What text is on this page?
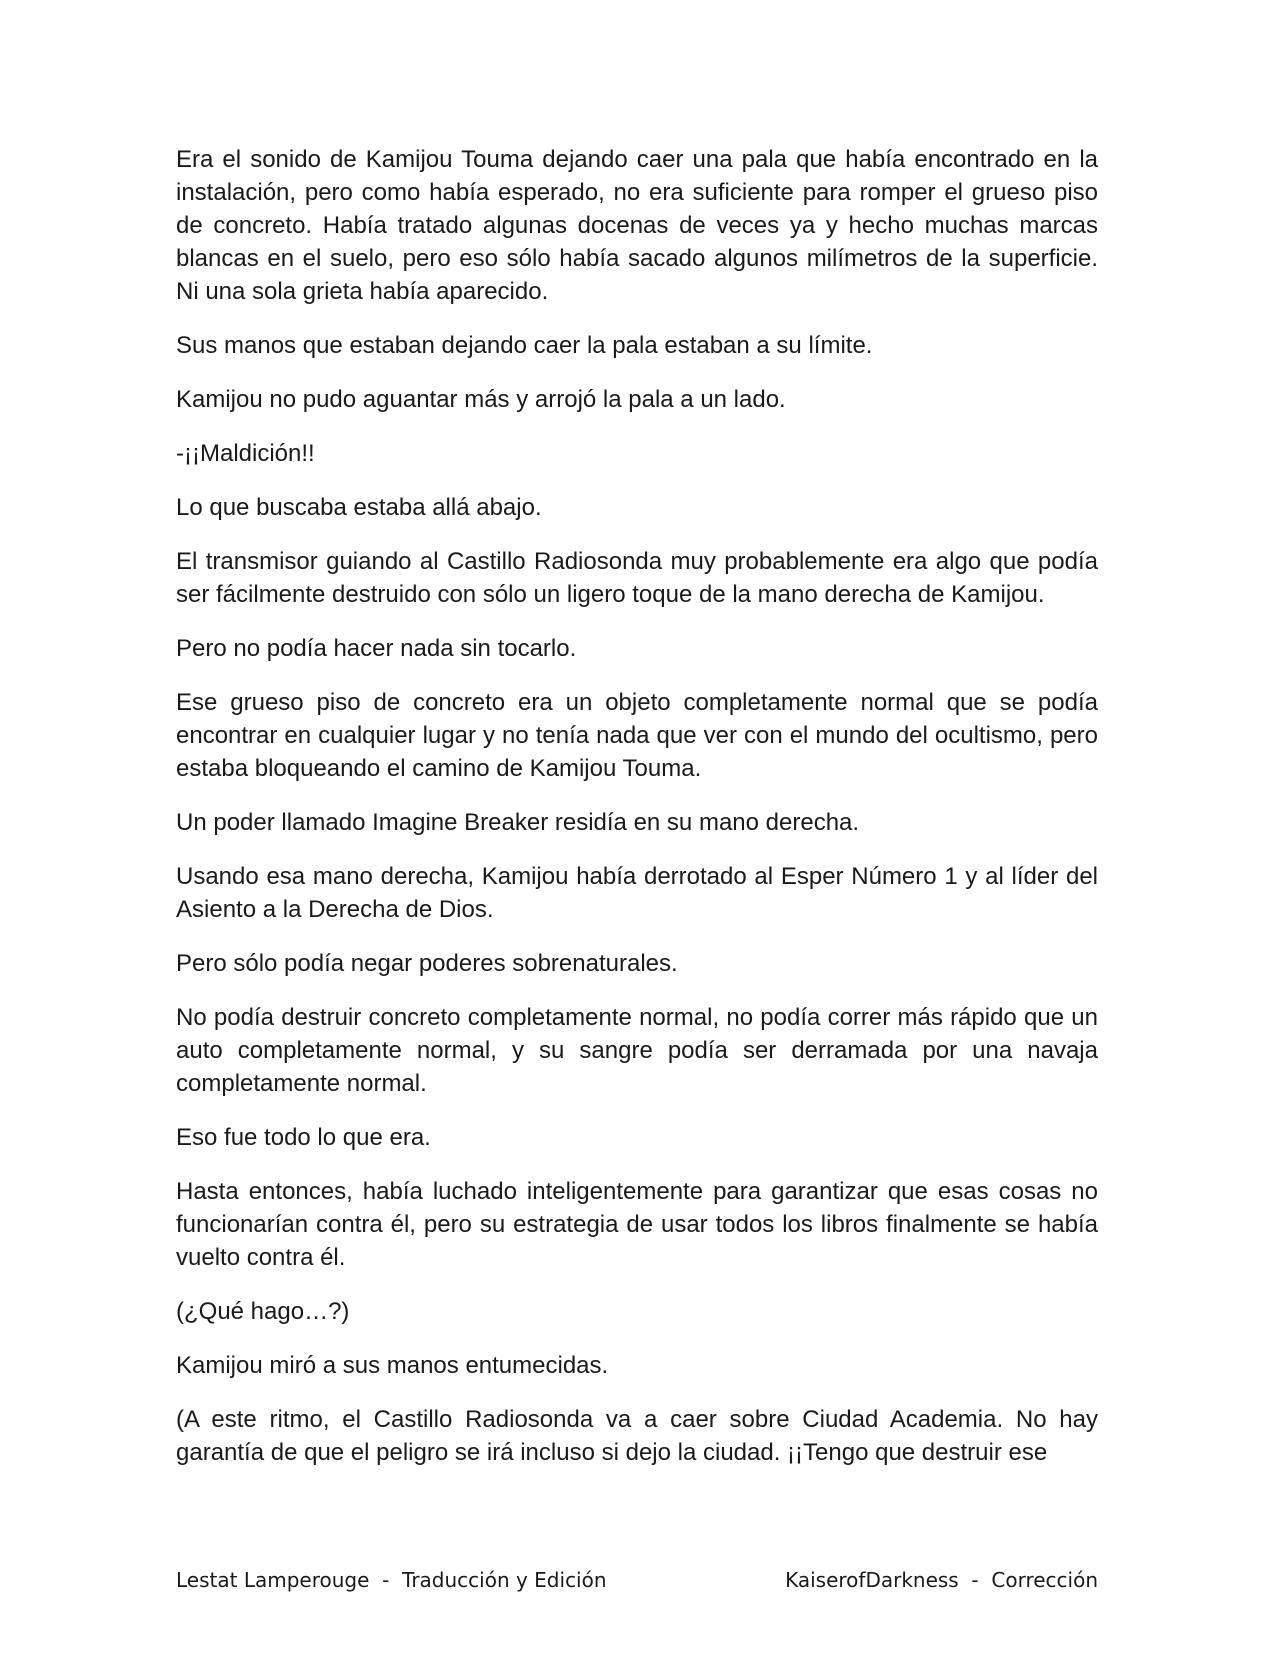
Era el sonido de Kamijou Touma dejando caer una pala que había encontrado en la instalación, pero como había esperado, no era suficiente para romper el grueso piso de concreto. Había tratado algunas docenas de veces ya y hecho muchas marcas blancas en el suelo, pero eso sólo había sacado algunos milímetros de la superficie. Ni una sola grieta había aparecido.

Sus manos que estaban dejando caer la pala estaban a su límite.

Kamijou no pudo aguantar más y arrojó la pala a un lado.

-¡¡Maldición!!

Lo que buscaba estaba allá abajo.

El transmisor guiando al Castillo Radiosonda muy probablemente era algo que podía ser fácilmente destruido con sólo un ligero toque de la mano derecha de Kamijou.

Pero no podía hacer nada sin tocarlo.

Ese grueso piso de concreto era un objeto completamente normal que se podía encontrar en cualquier lugar y no tenía nada que ver con el mundo del ocultismo, pero estaba bloqueando el camino de Kamijou Touma.

Un poder llamado Imagine Breaker residía en su mano derecha.

Usando esa mano derecha, Kamijou había derrotado al Esper Número 1 y al líder del Asiento a la Derecha de Dios.

Pero sólo podía negar poderes sobrenaturales.

No podía destruir concreto completamente normal, no podía correr más rápido que un auto completamente normal, y su sangre podía ser derramada por una navaja completamente normal.

Eso fue todo lo que era.

Hasta entonces, había luchado inteligentemente para garantizar que esas cosas no funcionarían contra él, pero su estrategia de usar todos los libros finalmente se había vuelto contra él.

(¿Qué hago…?)

Kamijou miró a sus manos entumecidas.

(A este ritmo, el Castillo Radiosonda va a caer sobre Ciudad Academia. No hay garantía de que el peligro se irá incluso si dejo la ciudad. ¡¡Tengo que destruir ese

Lestat Lamperouge  -  Traducción y Edición	KaiserofDarkness  -  Corrección
